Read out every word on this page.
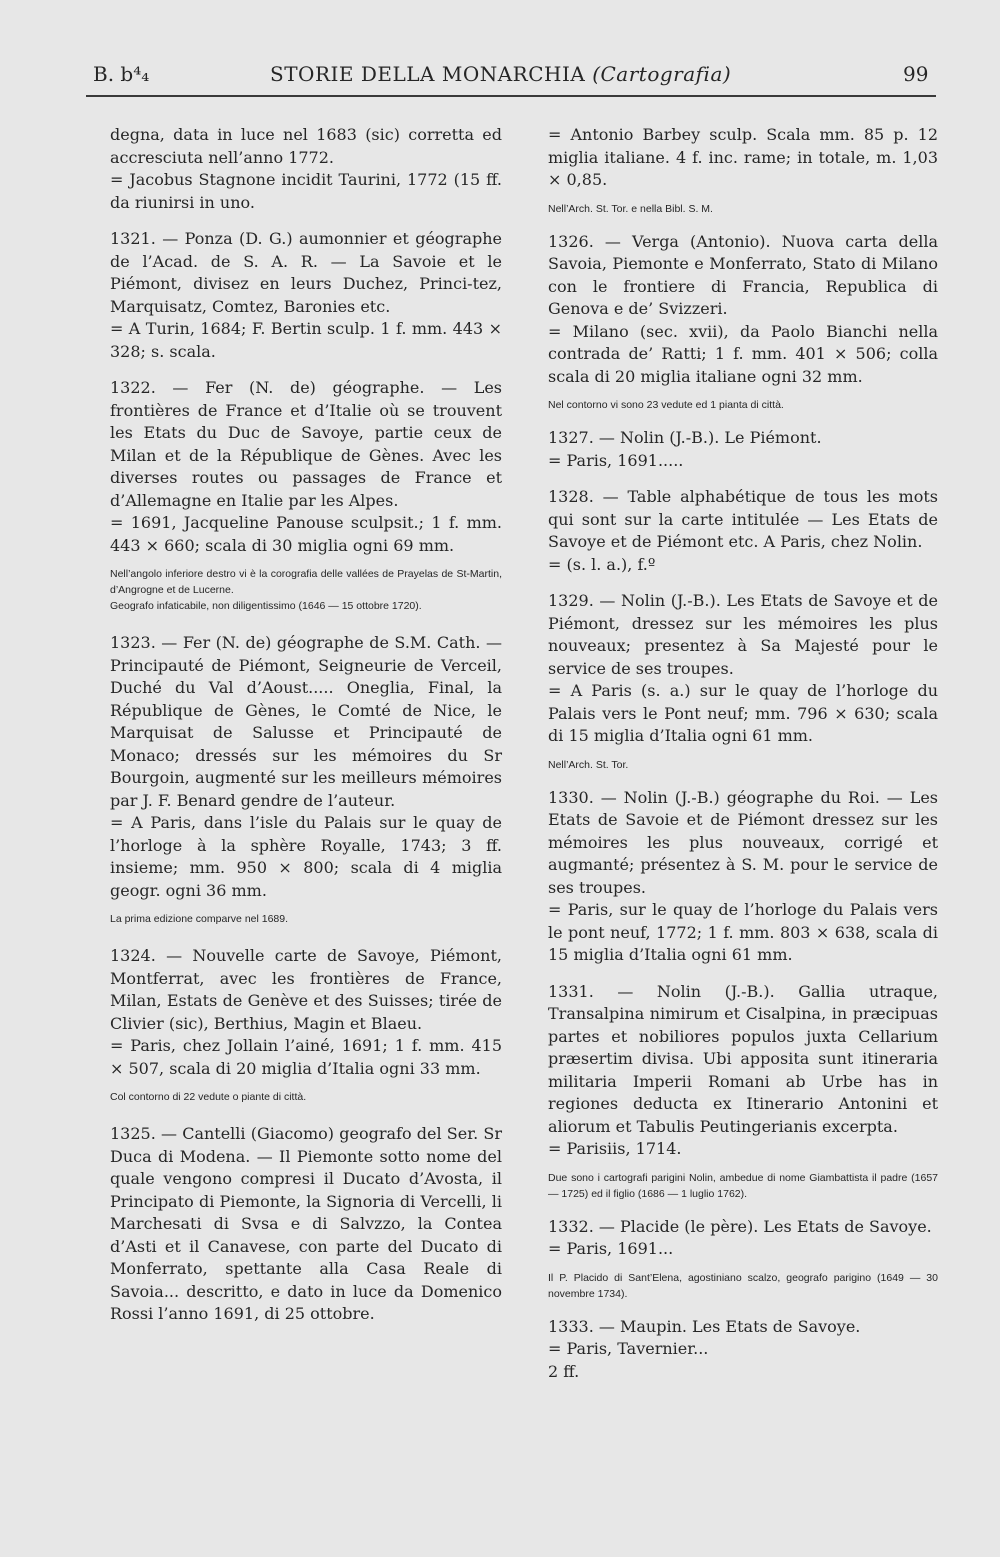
B. b⁴₄	STORIE DELLA MONARCHIA (Cartografia)	99
degna, data in luce nel 1683 (sic) corretta ed accresciuta nell’anno 1772.
= Jacobus Stagnone incidit Taurini, 1772 (15 ff. da riunirsi in uno.
1321. — Ponza (D. G.) aumonnier et géographe de l’Acad. de S. A. R. — La Savoie et le Piémont, divisez en leurs Duchez, Princi‑tez, Marquisatz, Comtez, Baronies etc.
= A Turin, 1684; F. Bertin sculp. 1 f. mm. 443 × 328; s. scala.
1322. — Fer (N. de) géographe. — Les frontières de France et d’Italie où se trouvent les Etats du Duc de Savoye, partie ceux de Milan et de la République de Gènes. Avec les diverses routes ou passages de France et d’Allemagne en Italie par les Alpes.
= 1691, Jacqueline Panouse sculpsit.; 1 f. mm. 443 × 660; scala di 30 miglia ogni 69 mm.
Nell’angolo inferiore destro vi è la corografia delle vallées de Prayelas de St-Martin, d’Angrogne et de Lucerne.
Geografo infaticabile, non diligentissimo (1646 — 15 ottobre 1720).
1323. — Fer (N. de) géographe de S.M. Cath. — Principauté de Piémont, Seigneurie de Verceil, Duché du Val d’Aoust..... Oneglia, Final, la République de Gènes, le Comté de Nice, le Marquisat de Salusse et Principauté de Monaco; dressés sur les mémoires du Sr Bourgoin, augmenté sur les meilleurs mémoires par J. F. Benard gendre de l’auteur.
= A Paris, dans l’isle du Palais sur le quay de l’horloge à la sphère Royalle, 1743; 3 ff. insieme; mm. 950 × 800; scala di 4 miglia geogr. ogni 36 mm.
La prima edizione comparve nel 1689.
1324. — Nouvelle carte de Savoye, Piémont, Montferrat, avec les frontières de France, Milan, Estats de Genève et des Suisses; tirée de Clivier (sic), Berthius, Magin et Blaeu.
= Paris, chez Jollain l’ainé, 1691; 1 f. mm. 415 × 507, scala di 20 miglia d’Italia ogni 33 mm.
Col contorno di 22 vedute o piante di città.
1325. — Cantelli (Giacomo) geografo del Ser. Sr Duca di Modena. — Il Piemonte sotto nome del quale vengono compresi il Ducato d’Avosta, il Principato di Piemonte, la Signoria di Vercelli, li Marchesati di Svsa e di Salvzzo, la Contea d’Asti et il Canavese, con parte del Ducato di Monferrato, spettante alla Casa Reale di Savoia... descritto, e dato in luce da Domenico Rossi l’anno 1691, di 25 ottobre.
= Antonio Barbey sculp. Scala mm. 85 p. 12 miglia italiane. 4 f. inc. rame; in totale, m. 1,03 × 0,85.
Nell’Arch. St. Tor. e nella Bibl. S. M.
1326. — Verga (Antonio). Nuova carta della Savoia, Piemonte e Monferrato, Stato di Milano con le frontiere di Francia, Republica di Genova e de’ Svizzeri.
= Milano (sec. xvii), da Paolo Bianchi nella contrada de’ Ratti; 1 f. mm. 401 × 506; colla scala di 20 miglia italiane ogni 32 mm.
Nel contorno vi sono 23 vedute ed 1 pianta di città.
1327. — Nolin (J.-B.). Le Piémont.
= Paris, 1691.....
1328. — Table alphabétique de tous les mots qui sont sur la carte intitulée — Les Etats de Savoye et de Piémont etc. A Paris, chez Nolin.
= (s. l. a.), f.º
1329. — Nolin (J.-B.). Les Etats de Savoye et de Piémont, dressez sur les mémoires les plus nouveaux; presentez à Sa Majesté pour le service de ses troupes.
= A Paris (s. a.) sur le quay de l’horloge du Palais vers le Pont neuf; mm. 796 × 630; scala di 15 miglia d’Italia ogni 61 mm.
Nell’Arch. St. Tor.
1330. — Nolin (J.-B.) géographe du Roi. — Les Etats de Savoie et de Piémont dressez sur les mémoires les plus nouveaux, corrigé et augmanté; présentez à S. M. pour le service de ses troupes.
= Paris, sur le quay de l’horloge du Palais vers le pont neuf, 1772; 1 f. mm. 803 × 638, scala di 15 miglia d’Italia ogni 61 mm.
1331. — Nolin (J.-B.). Gallia utraque, Transalpina nimirum et Cisalpina, in præcipuas partes et nobiliores populos juxta Cellarium præsertim divisa. Ubi apposita sunt itineraria militaria Imperii Romani ab Urbe has in regiones deducta ex Itinerario Antonini et aliorum et Tabulis Peutingerianis excerpta.
= Parisiis, 1714.
Due sono i cartografi parigini Nolin, ambedue di nome Giambattista il padre (1657 — 1725) ed il figlio (1686 — 1 luglio 1762).
1332. — Placide (le père). Les Etats de Savoye.
= Paris, 1691...
Il P. Placido di Sant’Elena, agostiniano scalzo, geografo parigino (1649 — 30 novembre 1734).
1333. — Maupin. Les Etats de Savoye.
= Paris, Tavernier...
2 ff.
